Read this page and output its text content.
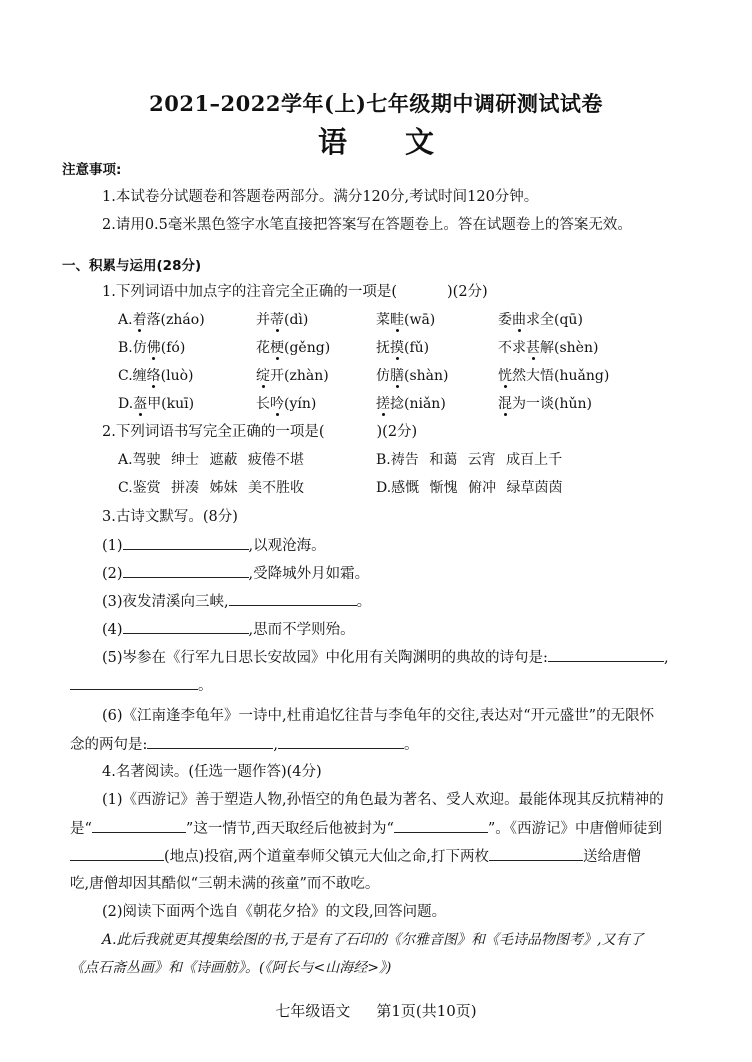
2021–2022学年(上)七年级期中调研测试试卷
语文
注意事项:
1.本试卷分试题卷和答题卷两部分。满分120分,考试时间120分钟。
2.请用0.5毫米黑色签字水笔直接把答案写在答题卷上。答在试题卷上的答案无效。
一、积累与运用(28分)
1.下列词语中加点字的注音完全正确的一项是(	)(2分)
A.着落(zháo)	并蒂(dì)	菜畦(wā)	委曲求全(qū)
B.仿佛(fó)	花梗(gěng)	抚摸(fǔ)	不求甚解(shèn)
C.缠络(luò)	绽开(zhàn)	仿膳(shàn)	恍然大悟(huǎng)
D.盔甲(kuī)	长吟(yín)	搓捻(niǎn)	混为一谈(hǔn)
2.下列词语书写完全正确的一项是(	)(2分)
A.驾驶 绅士 遮蔽 疲倦不堪	B.祷告 和蔼 云宵 成百上千
C.鉴赏 拼凑 姊妹 美不胜收	D.感慨 惭愧 俯冲 绿草茵茵
3.古诗文默写。(8分)
(1)	,以观沧海。
(2)	,受降城外月如霜。
(3)夜发清溪向三峡,	。
(4)	,思而不学则殆。
(5)岑参在《行军九日思长安故园》中化用有关陶渊明的典故的诗句是:	,
。
(6)《江南逢李龟年》一诗中,杜甫追忆往昔与李龟年的交往,表达对“开元盛世”的无限怀
念的两句是:	,	。
4.名著阅读。(任选一题作答)(4分)
(1)《西游记》善于塑造人物,孙悟空的角色最为著名、受人欢迎。最能体现其反抗精神的
是“	”这一情节,西天取经后他被封为“	”。《西游记》中唐僧师徒到
(地点)投宿,两个道童奉师父镇元大仙之命,打下两枚	送给唐僧
吃,唐僧却因其酷似“三朝未满的孩童”而不敢吃。
(2)阅读下面两个选自《朝花夕拾》的文段,回答问题。
A.此后我就更其搜集绘图的书,于是有了石印的《尔雅音图》和《毛诗品物图考》,又有了
《点石斋丛画》和《诗画舫》。(《阿长与<山海经>》)
七年级语文 第1页(共10页)
